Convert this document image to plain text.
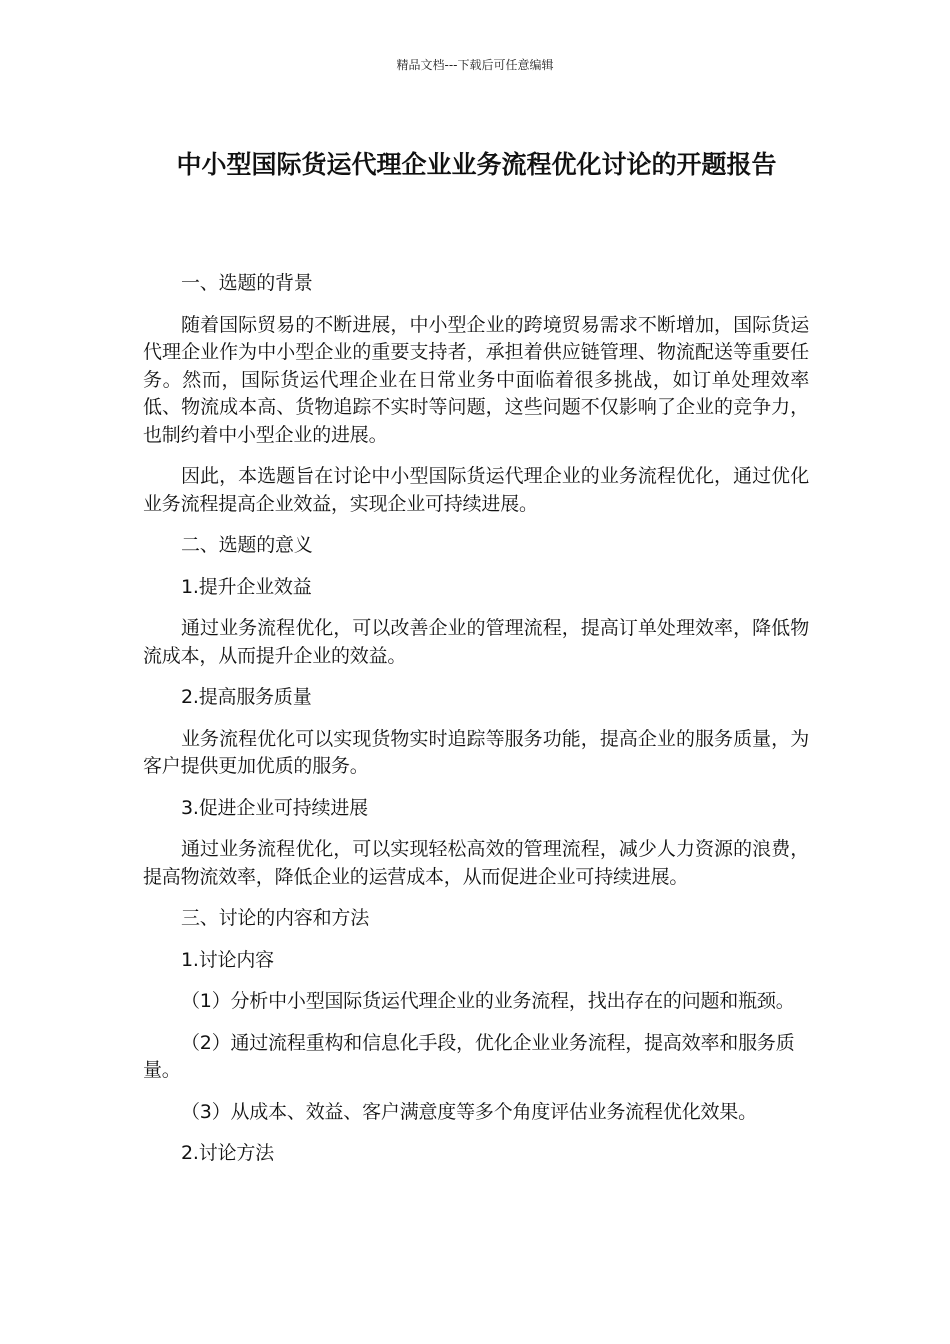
精品文档---下载后可任意编辑
中小型国际货运代理企业业务流程优化讨论的开题报告

一、选题的背景

随着国际贸易的不断进展，中小型企业的跨境贸易需求不断增加，国际货运代理企业作为中小型企业的重要支持者，承担着供应链管理、物流配送等重要任务。然而，国际货运代理企业在日常业务中面临着很多挑战，如订单处理效率低、物流成本高、货物追踪不实时等问题，这些问题不仅影响了企业的竞争力，也制约着中小型企业的进展。

因此，本选题旨在讨论中小型国际货运代理企业的业务流程优化，通过优化业务流程提高企业效益，实现企业可持续进展。

二、选题的意义

1.提升企业效益

通过业务流程优化，可以改善企业的管理流程，提高订单处理效率，降低物流成本，从而提升企业的效益。

2.提高服务质量

业务流程优化可以实现货物实时追踪等服务功能，提高企业的服务质量，为客户提供更加优质的服务。

3.促进企业可持续进展

通过业务流程优化，可以实现轻松高效的管理流程，减少人力资源的浪费，提高物流效率，降低企业的运营成本，从而促进企业可持续进展。

三、讨论的内容和方法

1.讨论内容

（1）分析中小型国际货运代理企业的业务流程，找出存在的问题和瓶颈。

（2）通过流程重构和信息化手段，优化企业业务流程，提高效率和服务质量。

（3）从成本、效益、客户满意度等多个角度评估业务流程优化效果。

2.讨论方法
